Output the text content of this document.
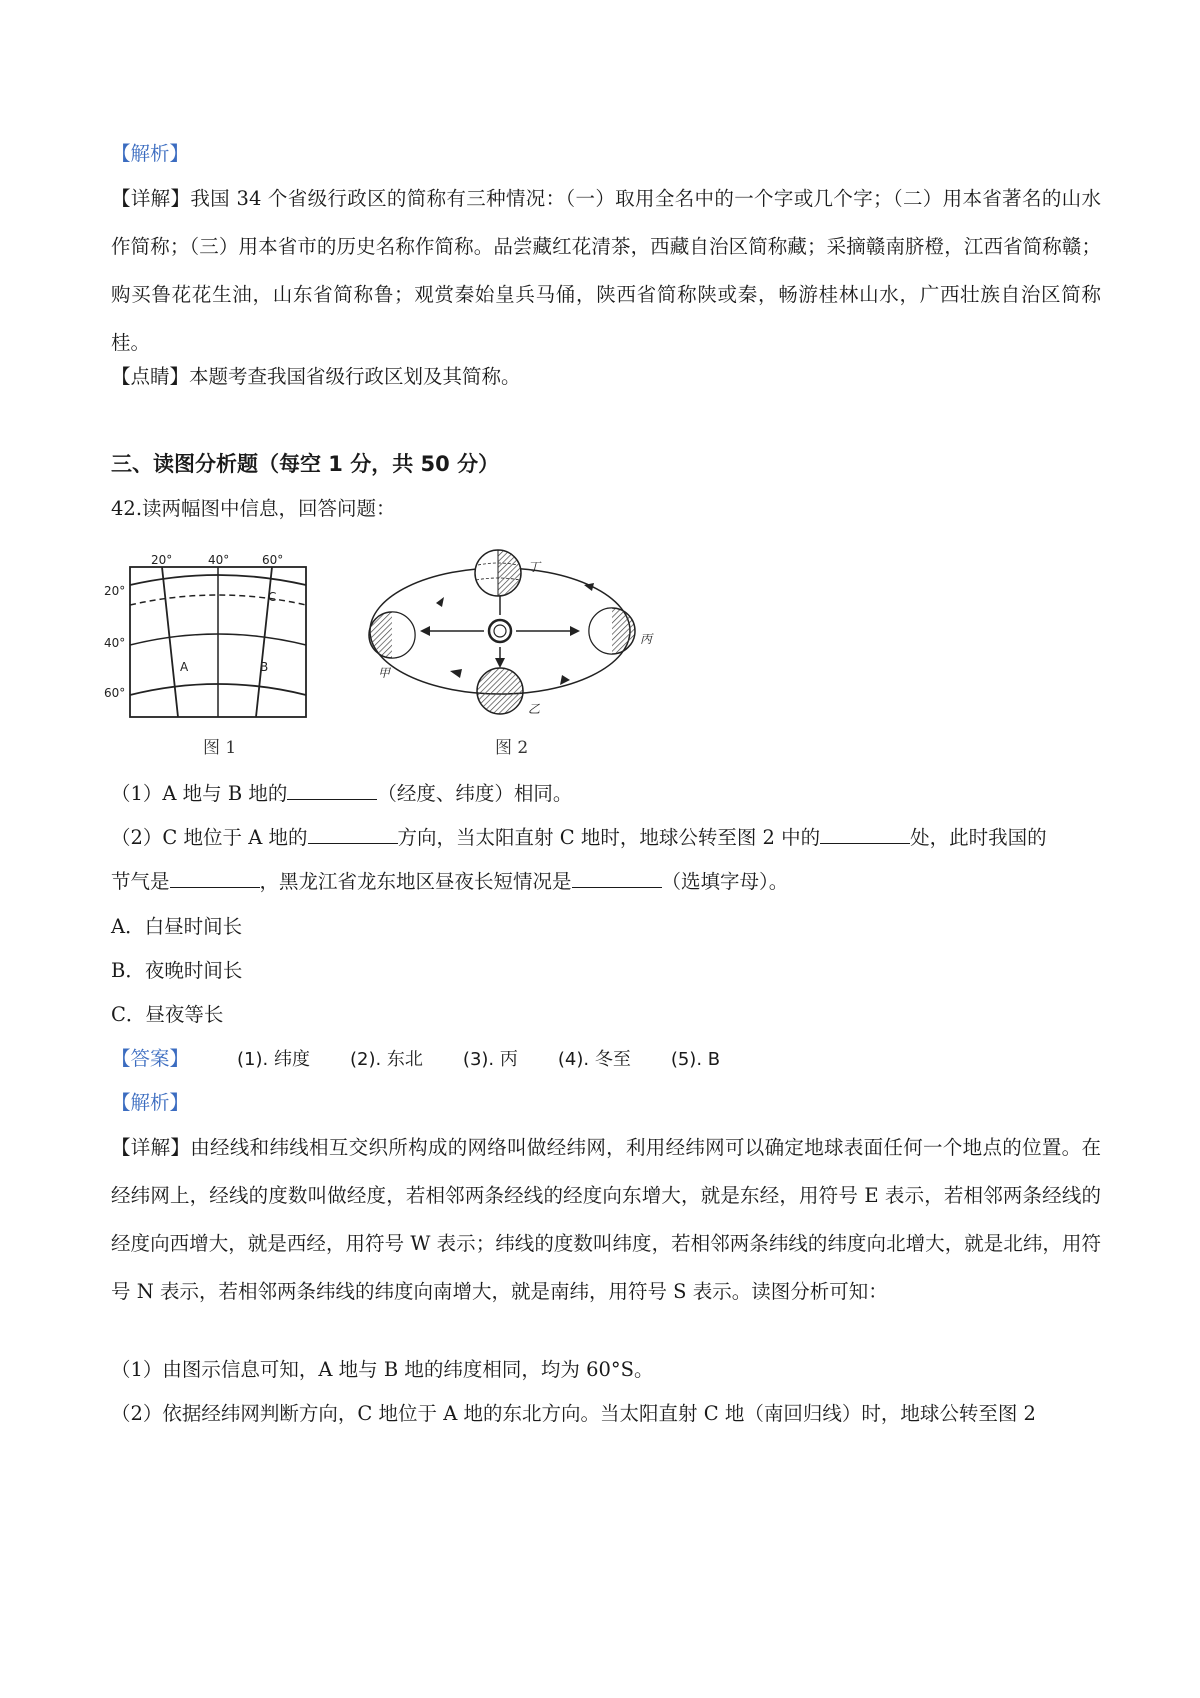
【解析】
【详解】我国 34 个省级行政区的简称有三种情况：（一）取用全名中的一个字或几个字；（二）用本省著名的山水作简称；（三）用本省市的历史名称作简称。品尝藏红花清茶，西藏自治区简称藏；采摘赣南脐橙，江西省简称赣；购买鲁花花生油，山东省简称鲁；观赏秦始皇兵马俑，陕西省简称陕或秦，畅游桂林山水，广西壮族自治区简称桂。
【点睛】本题考查我国省级行政区划及其简称。
三、读图分析题（每空 1 分，共 50 分）
42.读两幅图中信息，回答问题：
20°	40°	60°
20°
40°
60°
A	B
C
图 1
丁
甲
乙
丙
图 2
（1）A 地与 B 地的	（经度、纬度）相同。
（2）C 地位于 A 地的	方向，当太阳直射 C 地时，地球公转至图 2 中的	处，此时我国的
节气是	，黑龙江省龙东地区昼夜长短情况是	（选填字母）。
A．白昼时间长
B．夜晚时间长
C．昼夜等长
【答案】	(1). 纬度 (2). 东北 (3). 丙 (4). 冬至 (5). B
【解析】
【详解】由经线和纬线相互交织所构成的网络叫做经纬网，利用经纬网可以确定地球表面任何一个地点的位置。在经纬网上，经线的度数叫做经度，若相邻两条经线的经度向东增大，就是东经，用符号 E 表示，若相邻两条经线的经度向西增大，就是西经，用符号 W 表示；纬线的度数叫纬度，若相邻两条纬线的纬度向北增大，就是北纬，用符号 N 表示，若相邻两条纬线的纬度向南增大，就是南纬，用符号 S 表示。读图分析可知：
（1）由图示信息可知，A 地与 B 地的纬度相同，均为 60°S。
（2）依据经纬网判断方向，C 地位于 A 地的东北方向。当太阳直射 C 地（南回归线）时，地球公转至图 2
